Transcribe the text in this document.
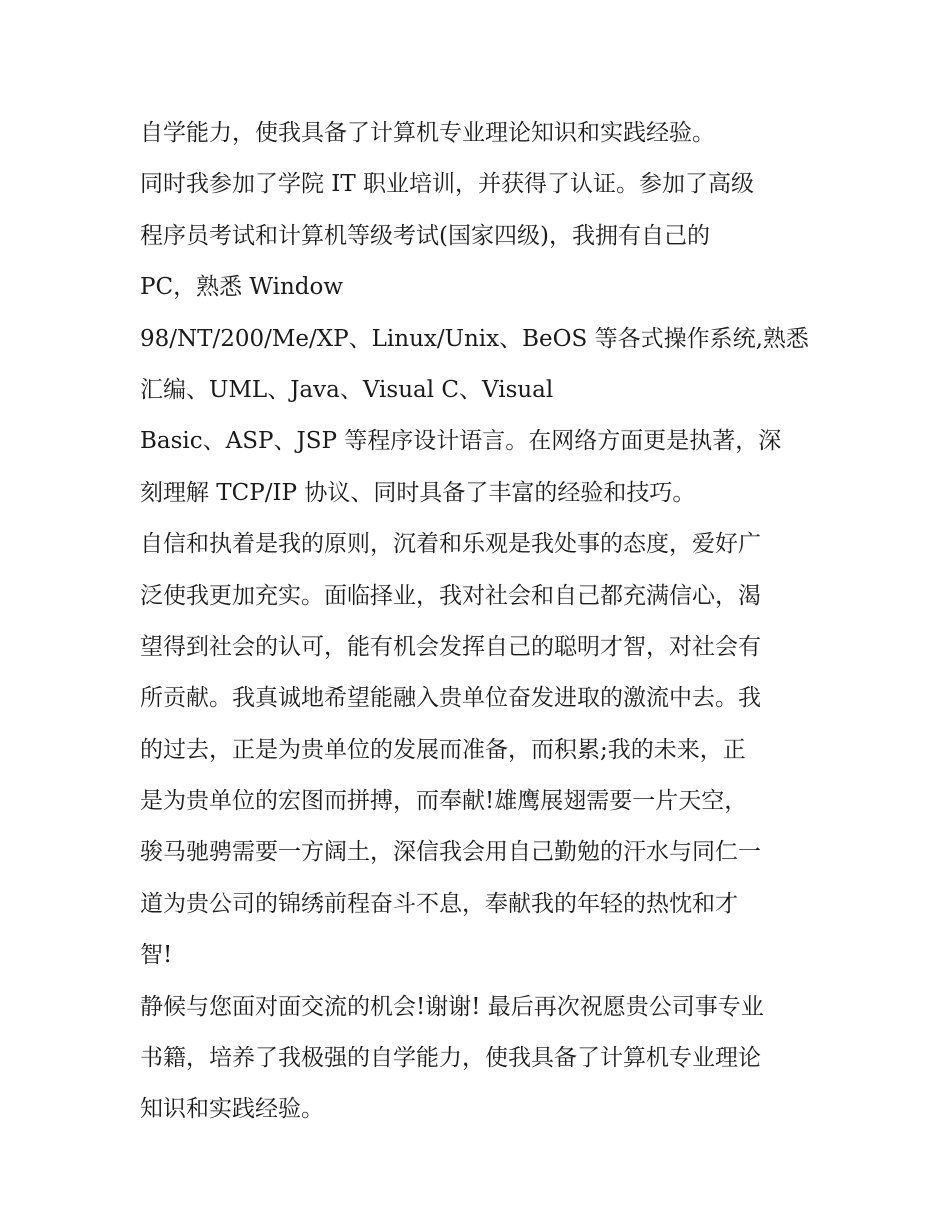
自学能力，使我具备了计算机专业理论知识和实践经验。
同时我参加了学院 IT 职业培训，并获得了认证。参加了高级
程序员考试和计算机等级考试(国家四级)，我拥有自己的
PC，熟悉 Window
98/NT/200/Me/XP、Linux/Unix、BeOS 等各式操作系统,熟悉
汇编、UML、Java、Visual C、Visual
Basic、ASP、JSP 等程序设计语言。在网络方面更是执著，深
刻理解 TCP/IP 协议、同时具备了丰富的经验和技巧。
自信和执着是我的原则，沉着和乐观是我处事的态度，爱好广
泛使我更加充实。面临择业，我对社会和自己都充满信心，渴
望得到社会的认可，能有机会发挥自己的聪明才智，对社会有
所贡献。我真诚地希望能融入贵单位奋发进取的激流中去。我
的过去，正是为贵单位的发展而准备，而积累;我的未来，正
是为贵单位的宏图而拼搏，而奉献!雄鹰展翅需要一片天空，
骏马驰骋需要一方阔土，深信我会用自己勤勉的汗水与同仁一
道为贵公司的锦绣前程奋斗不息，奉献我的年轻的热忱和才
智!
静候与您面对面交流的机会!谢谢! 最后再次祝愿贵公司事专业
书籍，培养了我极强的自学能力，使我具备了计算机专业理论
知识和实践经验。
